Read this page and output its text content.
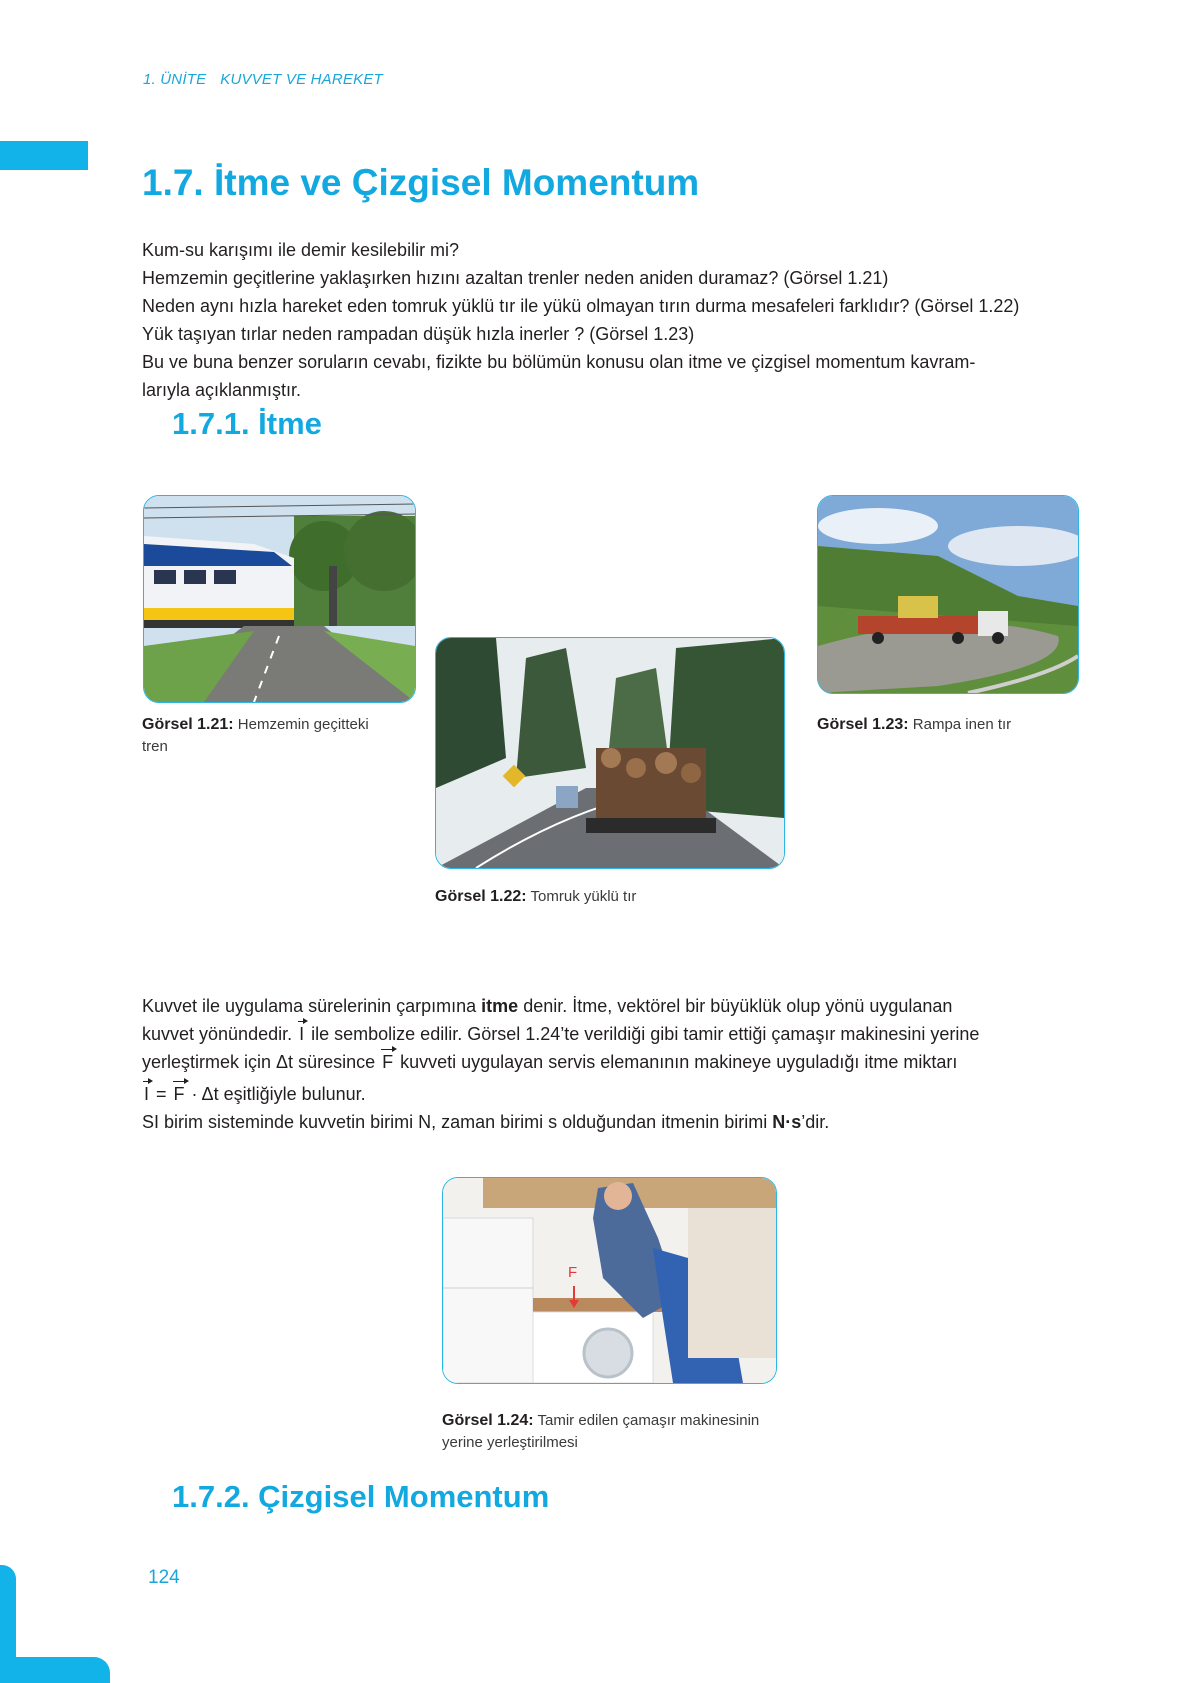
1. ÜNİTE KUVVET VE HAREKET
1.7. İtme ve Çizgisel Momentum

Kum-su karışımı ile demir kesilebilir mi?

Hemzemin geçitlerine yaklaşırken hızını azaltan trenler neden aniden duramaz? (Görsel 1.21)

Neden aynı hızla hareket eden tomruk yüklü tır ile yükü olmayan tırın durma mesafeleri farklıdır? (Görsel 1.22)

Yük taşıyan tırlar neden rampadan düşük hızla inerler ? (Görsel 1.23)

Bu ve buna benzer soruların cevabı, fizikte bu bölümün konusu olan itme ve çizgisel momentum kavram-

larıyla açıklanmıştır.

1.7.1. İtme
Görsel 1.21: Hemzemin geçitteki
tren
Görsel 1.22: Tomruk yüklü tır
Görsel 1.23: Rampa inen tır

Kuvvet ile uygulama sürelerinin çarpımına itme denir. İtme, vektörel bir büyüklük olup yönü uygulanan

kuvvet yönündedir. I ile sembolize edilir. Görsel 1.24’te verildiği gibi tamir ettiği çamaşır makinesini yerine

yerleştirmek için Δt süresince F kuvveti uygulayan servis elemanının makineye uyguladığı itme miktarı

I = F · Δt eşitliğiyle bulunur.

SI birim sisteminde kuvvetin birimi N, zaman birimi s olduğundan itmenin birimi N·s’dir.

F
Görsel 1.24: Tamir edilen çamaşır makinesinin
yerine yerleştirilmesi
1.7.2. Çizgisel Momentum
124
